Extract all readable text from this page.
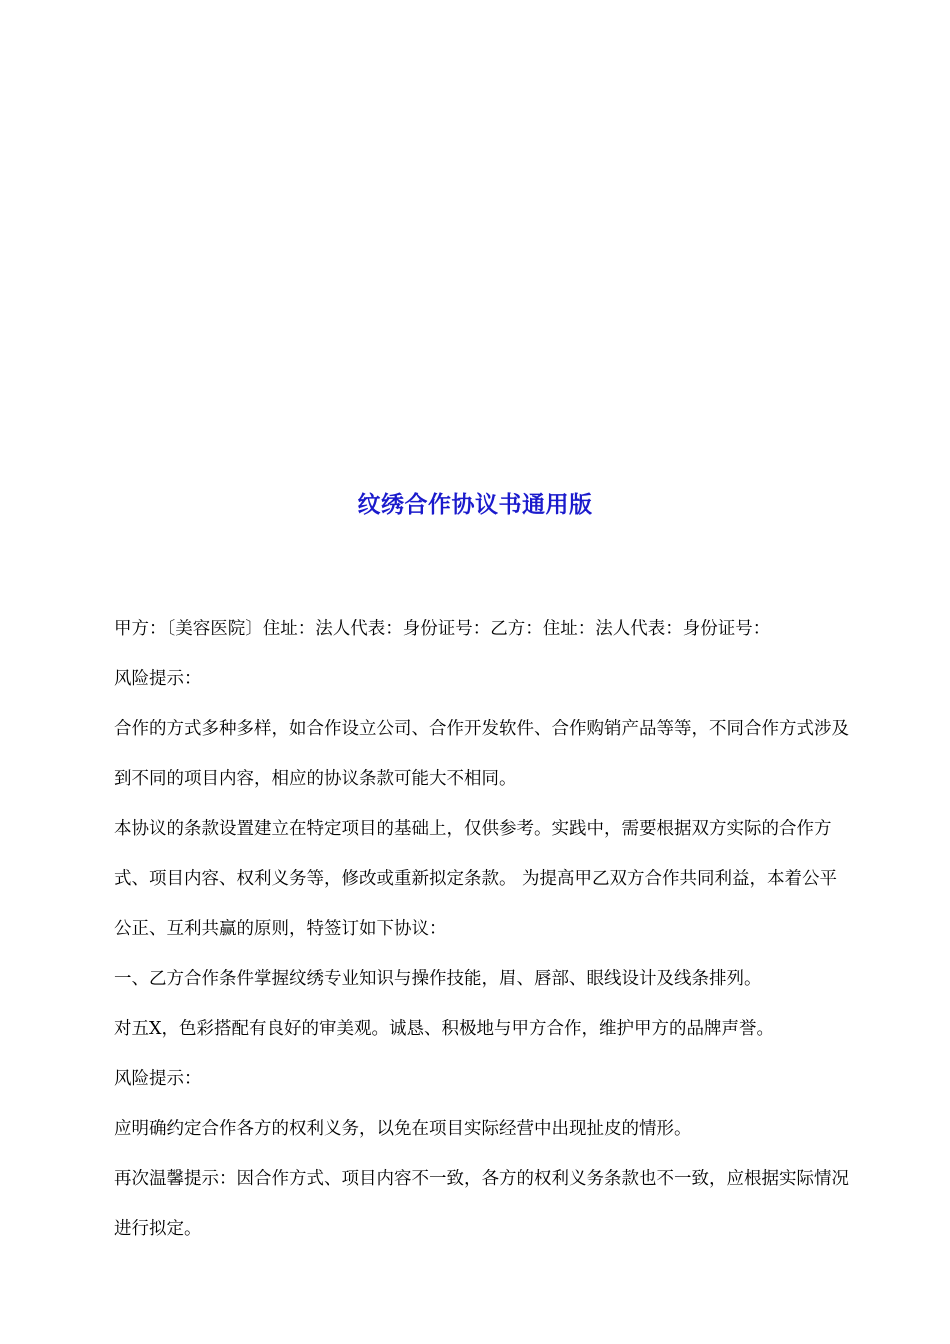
纹绣合作协议书通用版

甲方：〔美容医院〕住址：法人代表：身份证号：乙方：住址：法人代表：身份证号：

风险提示：

合作的方式多种多样，如合作设立公司、合作开发软件、合作购销产品等等，不同合作方式涉及到不同的项目内容，相应的协议条款可能大不相同。

本协议的条款设置建立在特定项目的基础上，仅供参考。实践中，需要根据双方实际的合作方式、项目内容、权利义务等，修改或重新拟定条款。 为提高甲乙双方合作共同利益，本着公平公正、互利共赢的原则，特签订如下协议：

一、乙方合作条件掌握纹绣专业知识与操作技能，眉、唇部、眼线设计及线条排列。

对五X，色彩搭配有良好的审美观。诚恳、积极地与甲方合作，维护甲方的品牌声誉。

风险提示：

应明确约定合作各方的权利义务，以免在项目实际经营中出现扯皮的情形。

再次温馨提示：因合作方式、项目内容不一致，各方的权利义务条款也不一致，应根据实际情况进行拟定。
